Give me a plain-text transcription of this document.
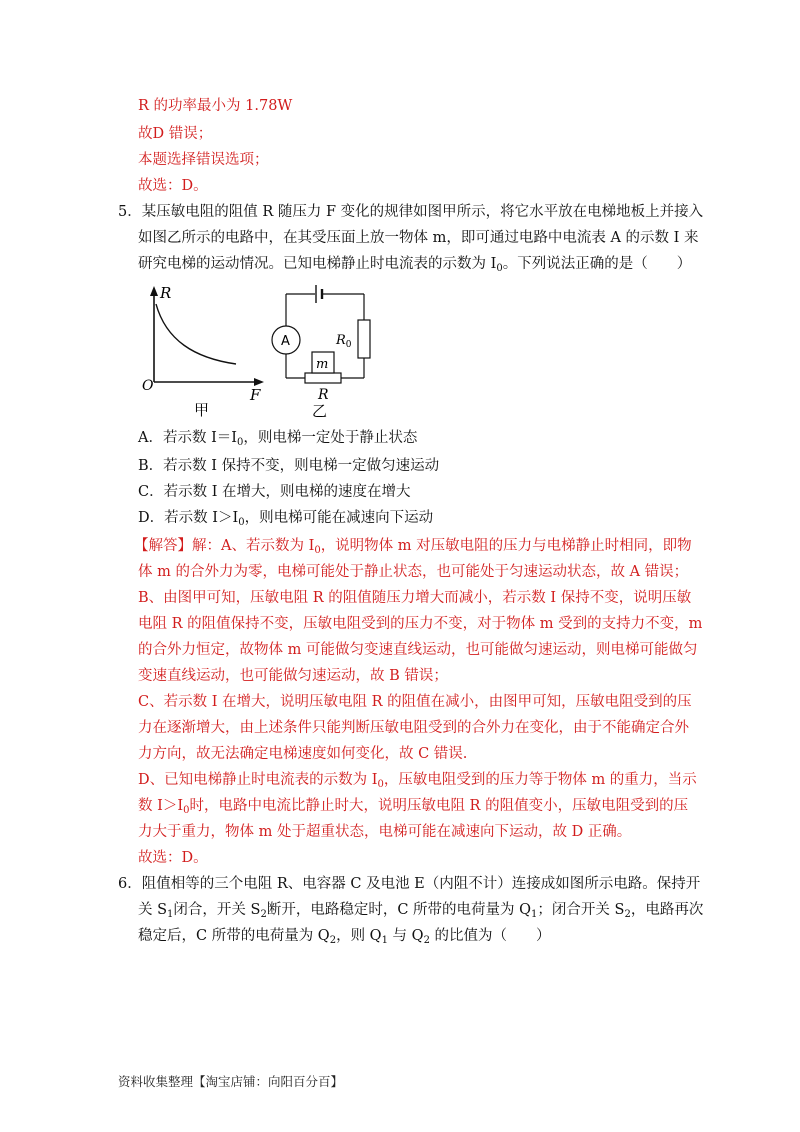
R 的功率最小为 1.78W
故D 错误；
本题选择错误选项；
故选：D。
5．某压敏电阻的阻值 R 随压力 F 变化的规律如图甲所示，将它水平放在电梯地板上并接入
如图乙所示的电路中，在其受压面上放一物体 m，即可通过电路中电流表 A 的示数 I 来
研究电梯的运动情况。已知电梯静止时电流表的示数为 $I_0$。下列说法正确的是（　　）
R
F
O
甲
A	$R_0$
m
R
乙
A．若示数 $I=I_0$，则电梯一定处于静止状态
B．若示数 I 保持不变，则电梯一定做匀速运动
C．若示数 I 在增大，则电梯的速度在增大
D．若示数 $I>I_0$，则电梯可能在减速向下运动
【解答】解：A、若示数为 $I_0$，说明物体 m 对压敏电阻的压力与电梯静止时相同，即物
体 m 的合外力为零，电梯可能处于静止状态，也可能处于匀速运动状态，故 A 错误；
B、由图甲可知，压敏电阻 R 的阻值随压力增大而减小，若示数 I 保持不变，说明压敏
电阻 R 的阻值保持不变，压敏电阻受到的压力不变，对于物体 m 受到的支持力不变，m
的合外力恒定，故物体 m 可能做匀变速直线运动，也可能做匀速运动，则电梯可能做匀
变速直线运动，也可能做匀速运动，故 B 错误；
C、若示数 I 在增大，说明压敏电阻 R 的阻值在减小，由图甲可知，压敏电阻受到的压
力在逐渐增大，由上述条件只能判断压敏电阻受到的合外力在变化，由于不能确定合外
力方向，故无法确定电梯速度如何变化，故 C 错误.
D、已知电梯静止时电流表的示数为 $I_0$，压敏电阻受到的压力等于物体 m 的重力，当示
数 $I>I_0$时，电路中电流比静止时大，说明压敏电阻 R 的阻值变小，压敏电阻受到的压
力大于重力，物体 m 处于超重状态，电梯可能在减速向下运动，故 D 正确。
故选：D。
6．阻值相等的三个电阻 R、电容器 C 及电池 E（内阻不计）连接成如图所示电路。保持开
关 $S_1$闭合，开关 $S_2$断开，电路稳定时，C 所带的电荷量为 $Q_1$；闭合开关 $S_2$，电路再次
稳定后，C 所带的电荷量为 $Q_2$，则 $Q_1$ 与 $Q_2$ 的比值为（　　）
资料收集整理【淘宝店铺：向阳百分百】
